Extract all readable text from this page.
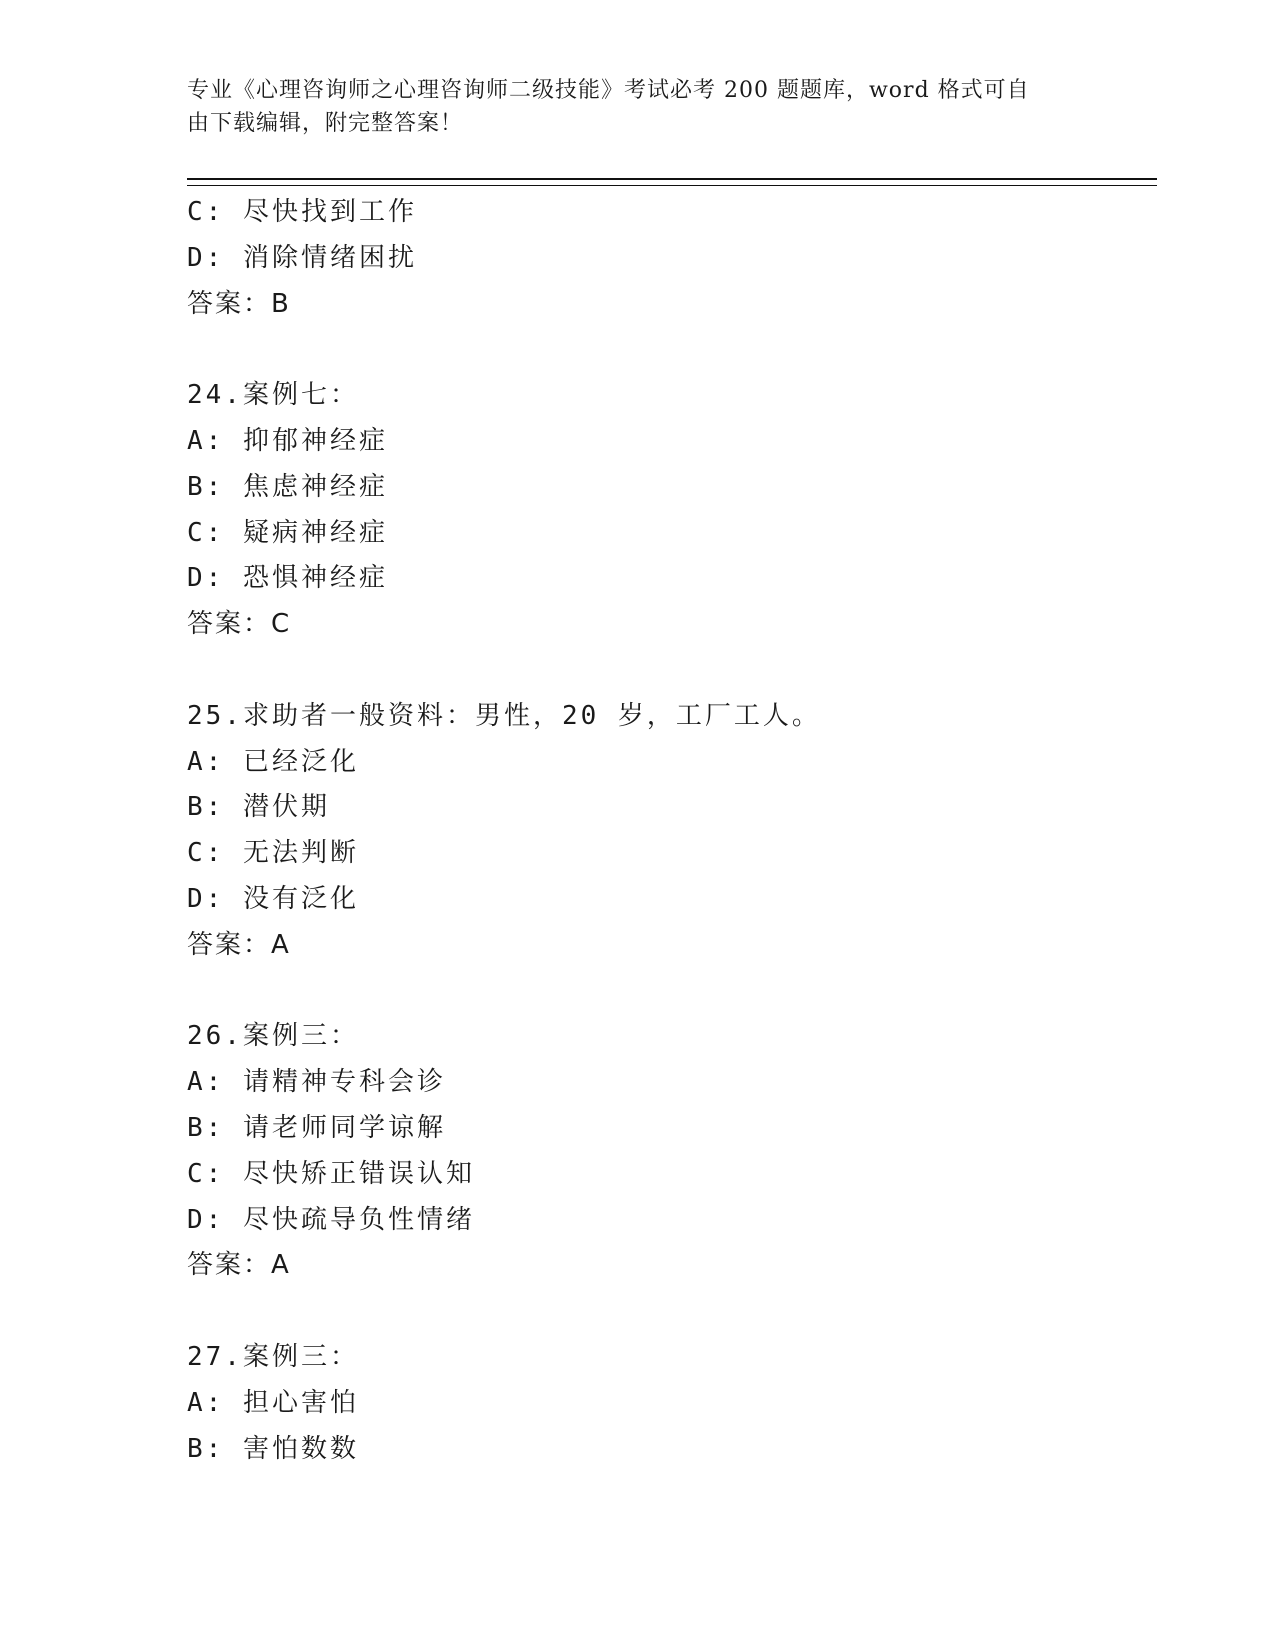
专业《心理咨询师之心理咨询师二级技能》考试必考 200 题题库，word 格式可自
由下载编辑，附完整答案！
C: 尽快找到工作
D: 消除情绪困扰
答案：B
24.案例七：
A: 抑郁神经症
B: 焦虑神经症
C: 疑病神经症
D: 恐惧神经症
答案：C
25.求助者一般资料：男性，20 岁，工厂工人。
A: 已经泛化
B: 潜伏期
C: 无法判断
D: 没有泛化
答案：A
26.案例三：
A: 请精神专科会诊
B: 请老师同学谅解
C: 尽快矫正错误认知
D: 尽快疏导负性情绪
答案：A
27.案例三：
A: 担心害怕
B: 害怕数数
